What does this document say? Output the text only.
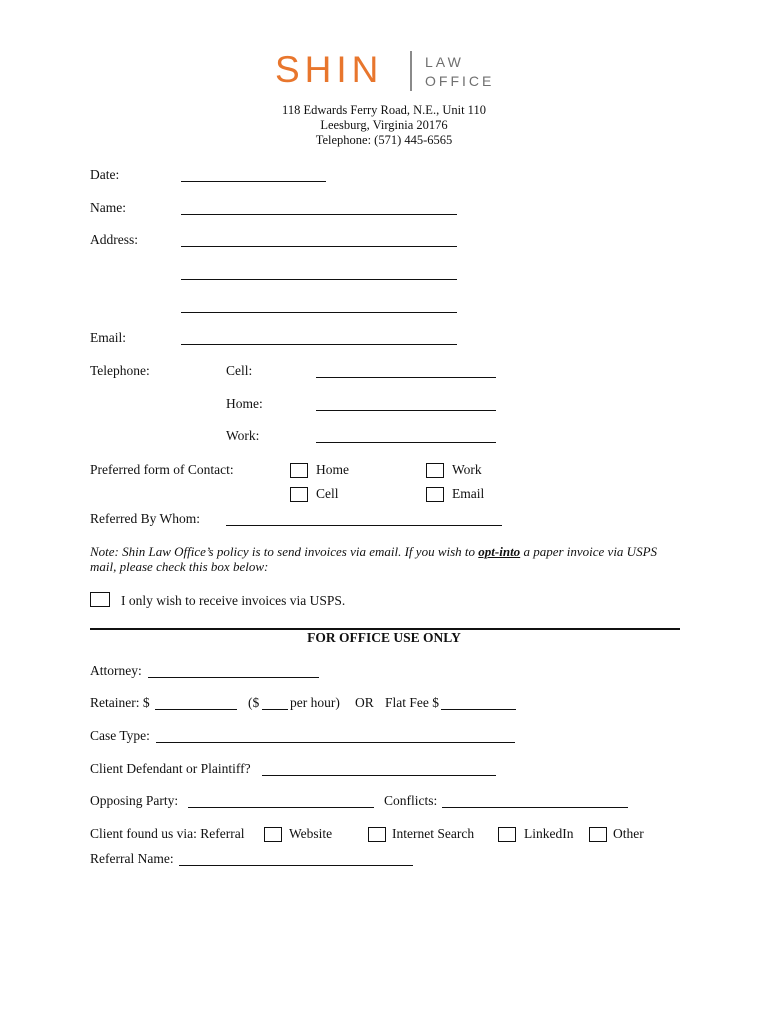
SHIN	LAW
OFFICE
118 Edwards Ferry Road, N.E., Unit 110
Leesburg, Virginia 20176
Telephone: (571) 445-6565
Date:
Name:
Address:
Email:
Telephone:	Cell:
Home:
Work:
Preferred form of Contact:	Home	Work
Cell	Email
Referred By Whom:
Note: Shin Law Office’s policy is to send invoices via email. If you wish to opt-into a paper invoice via USPS mail, please check this box below:
I only wish to receive invoices via USPS.
FOR OFFICE USE ONLY
Attorney:
Retainer: $	($ per hour) OR Flat Fee $
Case Type:
Client Defendant or Plaintiff?
Opposing Party:	Conflicts:
Client found us via: Referral	Website	Internet Search	LinkedIn	Other
Referral Name:
